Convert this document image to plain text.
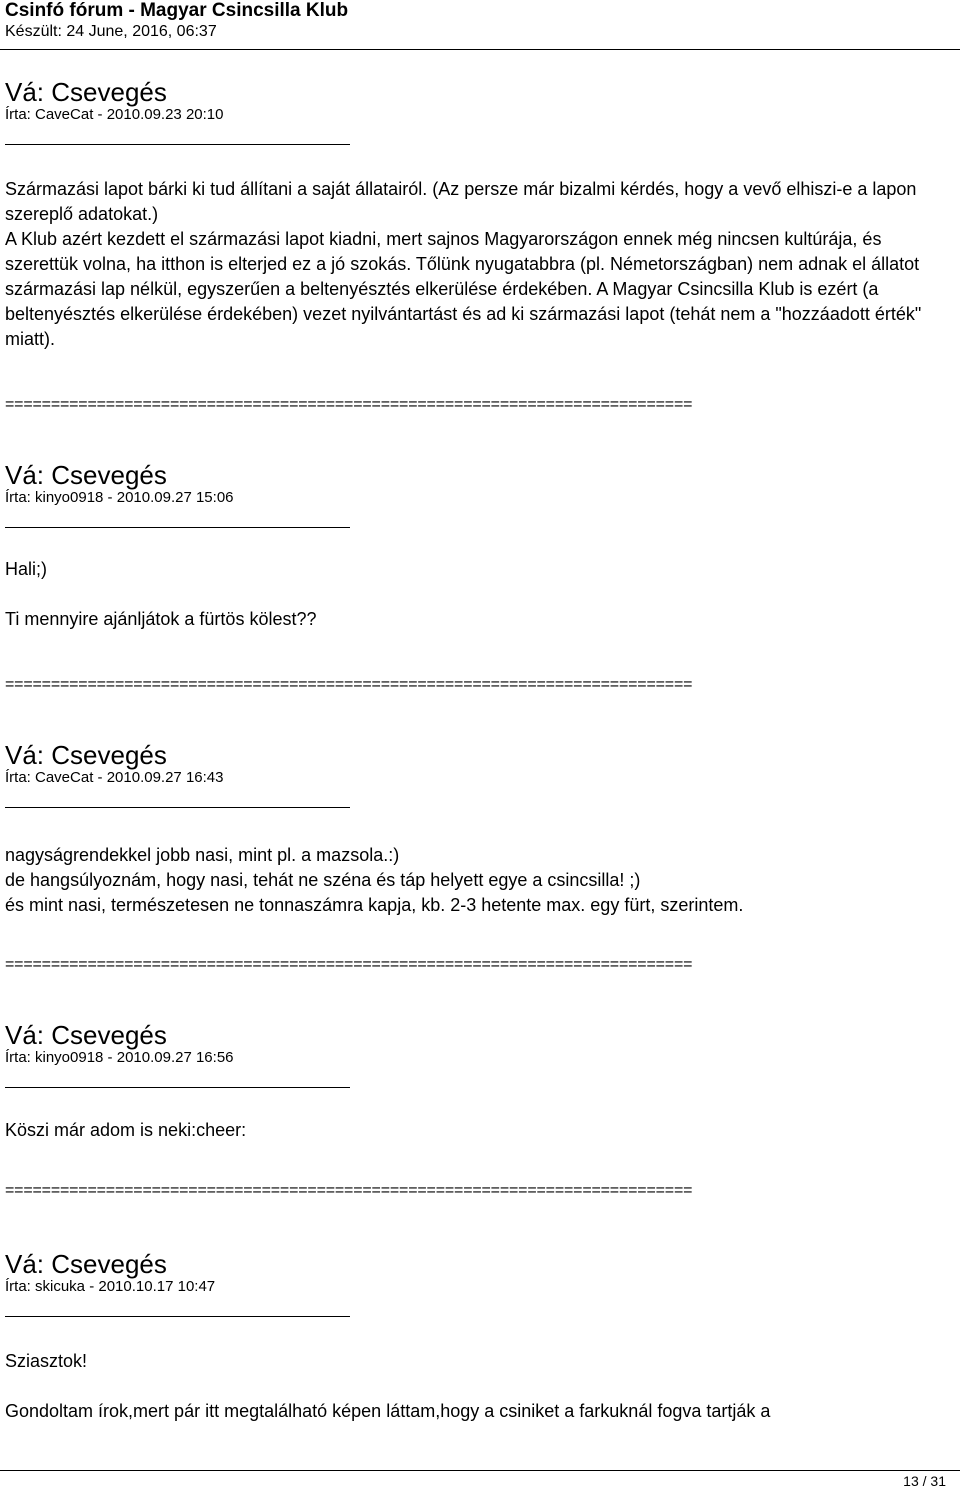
Csinfó fórum - Magyar Csincsilla Klub
Készült: 24 June, 2016, 06:37
Vá: Csevegés
Írta: CaveCat - 2010.09.23 20:10

Származási lapot bárki ki tud állítani a saját állatairól. (Az persze már bizalmi kérdés, hogy a vevő elhiszi-e a lapon szereplő adatokat.)

A Klub azért kezdett el származási lapot kiadni, mert sajnos Magyarországon ennek még nincsen kultúrája, és szerettük volna, ha itthon is elterjed ez a jó szokás. Tőlünk nyugatabbra (pl. Németországban) nem adnak el állatot származási lap nélkül, egyszerűen a beltenyésztés elkerülése érdekében. A Magyar Csincsilla Klub is ezért (a beltenyésztés elkerülése érdekében) vezet nyilvántartást és ad ki származási lapot (tehát nem a "hozzáadott érték" miatt).

===========================================================================
Vá: Csevegés
Írta: kinyo0918 - 2010.09.27 15:06

Hali;)

Ti mennyire ajánljátok a fürtös kölest??

===========================================================================
Vá: Csevegés
Írta: CaveCat - 2010.09.27 16:43

nagyságrendekkel jobb nasi, mint pl. a mazsola.:)

de hangsúlyoznám, hogy nasi, tehát ne széna és táp helyett egye a csincsilla! ;)

és mint nasi, természetesen ne tonnaszámra kapja, kb. 2-3 hetente max. egy fürt, szerintem.

===========================================================================
Vá: Csevegés
Írta: kinyo0918 - 2010.09.27 16:56

Köszi már adom is neki:cheer:

===========================================================================
Vá: Csevegés
Írta: skicuka - 2010.10.17 10:47

Sziasztok!

Gondoltam írok,mert pár itt megtalálható képen láttam,hogy a csiniket a farkuknál fogva tartják a

13 / 31
